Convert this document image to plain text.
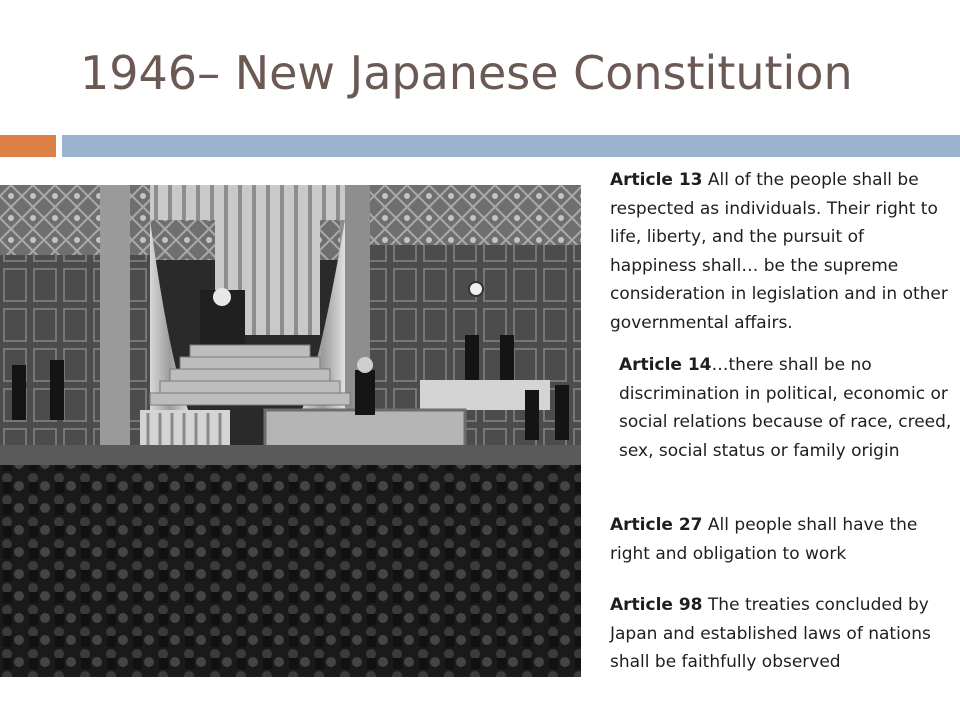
1946– New Japanese Constitution
Article 13 All of the people shall be respected as individuals. Their right to life, liberty, and the pursuit of happiness shall… be the supreme consideration in legislation and in other governmental affairs.
Article 14…there shall be no discrimination in political, economic or social relations because of race, creed, sex, social status or family origin
Article 27 All people shall have the right and obligation to work
Article 98 The treaties concluded by Japan and established laws of nations shall be faithfully observed
